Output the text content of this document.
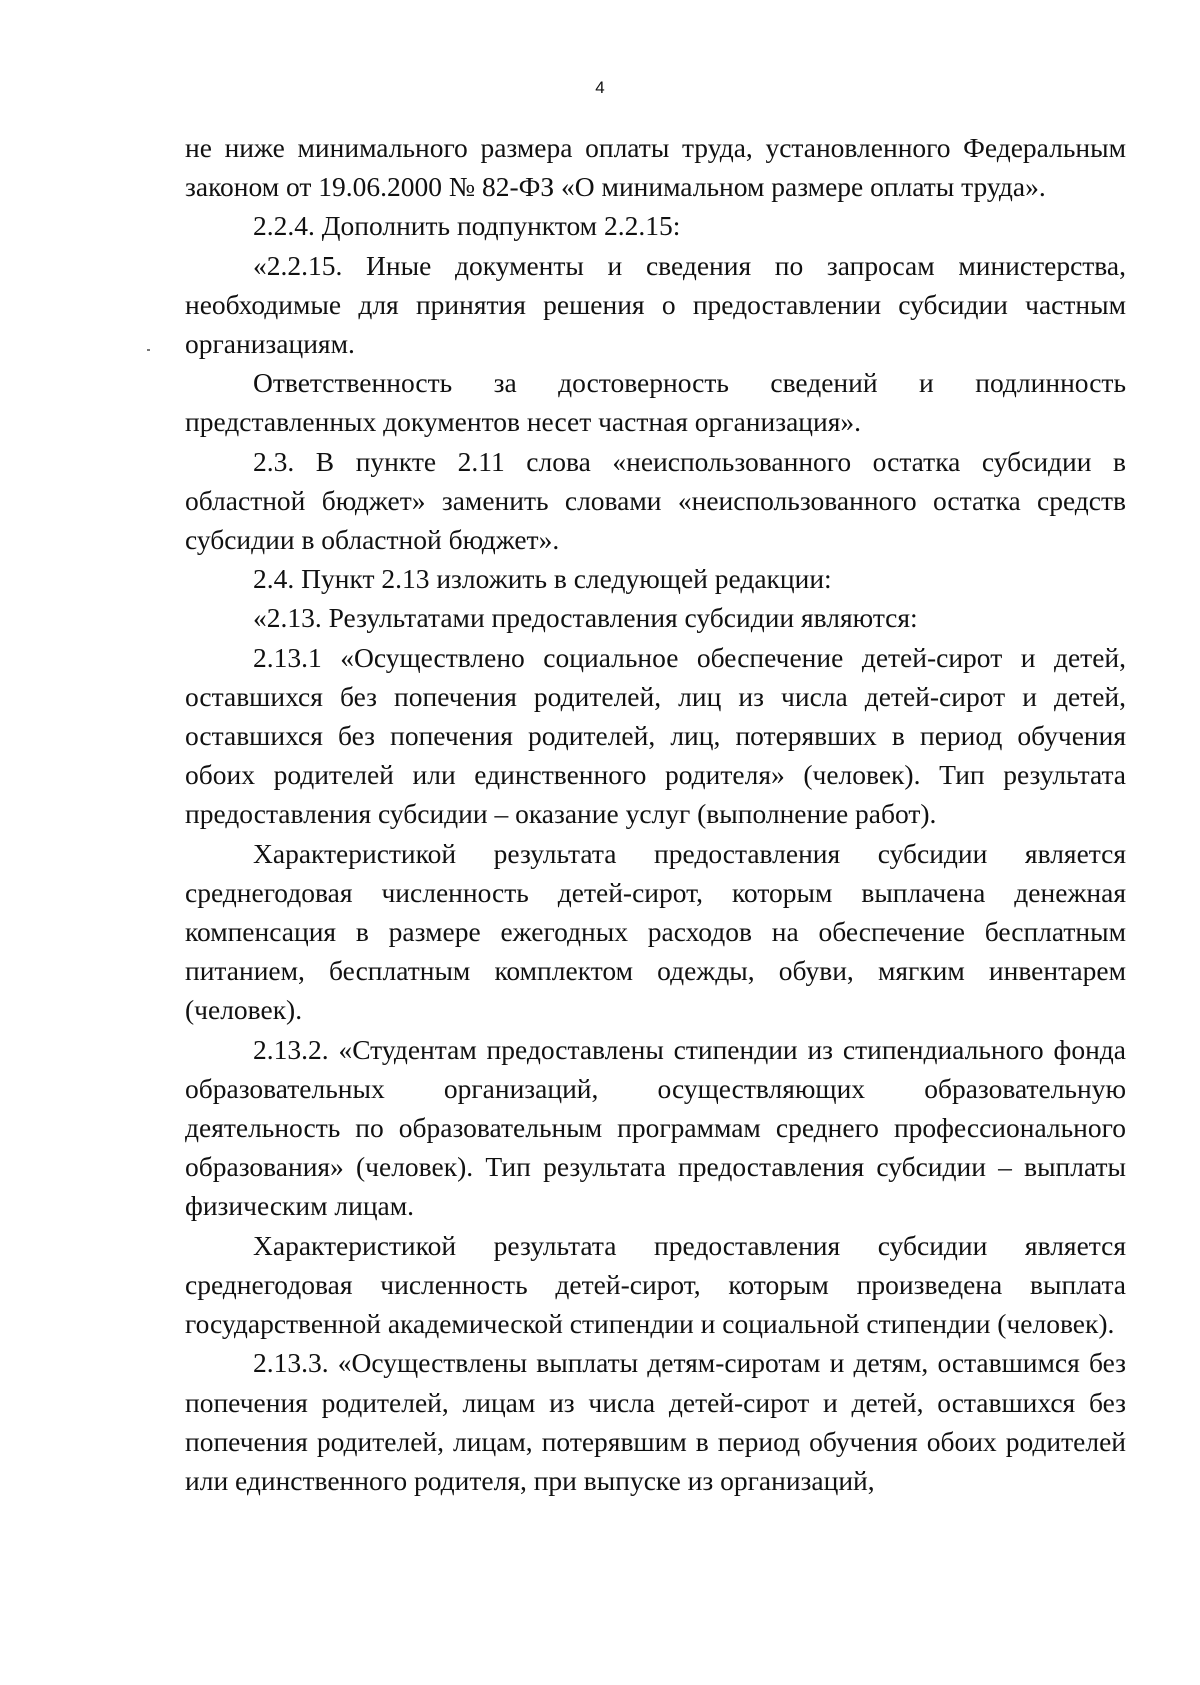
4

не ниже минимального размера оплаты труда, установленного Федеральным законом от 19.06.2000 № 82-ФЗ «О минимальном размере оплаты труда».

2.2.4. Дополнить подпунктом 2.2.15:

«2.2.15. Иные документы и сведения по запросам министерства, необходимые для принятия решения о предоставлении субсидии частным организациям.

Ответственность за достоверность сведений и подлинность представленных документов несет частная организация».

2.3. В пункте 2.11 слова «неиспользованного остатка субсидии в областной бюджет» заменить словами «неиспользованного остатка средств субсидии в областной бюджет».

2.4. Пункт 2.13 изложить в следующей редакции:

«2.13. Результатами предоставления субсидии являются:

2.13.1 «Осуществлено социальное обеспечение детей-сирот и детей, оставшихся без попечения родителей, лиц из числа детей-сирот и детей, оставшихся без попечения родителей, лиц, потерявших в период обучения обоих родителей или единственного родителя» (человек). Тип результата предоставления субсидии – оказание услуг (выполнение работ).

Характеристикой результата предоставления субсидии является среднегодовая численность детей-сирот, которым выплачена денежная компенсация в размере ежегодных расходов на обеспечение бесплатным питанием, бесплатным комплектом одежды, обуви, мягким инвентарем (человек).

2.13.2. «Студентам предоставлены стипендии из стипендиального фонда образовательных организаций, осуществляющих образовательную деятельность по образовательным программам среднего профессионального образования» (человек). Тип результата предоставления субсидии – выплаты физическим лицам.

Характеристикой результата предоставления субсидии является среднегодовая численность детей-сирот, которым произведена выплата государственной академической стипендии и социальной стипендии (человек).

2.13.3. «Осуществлены выплаты детям-сиротам и детям, оставшимся без попечения родителей, лицам из числа детей-сирот и детей, оставшихся без попечения родителей, лицам, потерявшим в период обучения обоих родителей или единственного родителя, при выпуске из организаций,
